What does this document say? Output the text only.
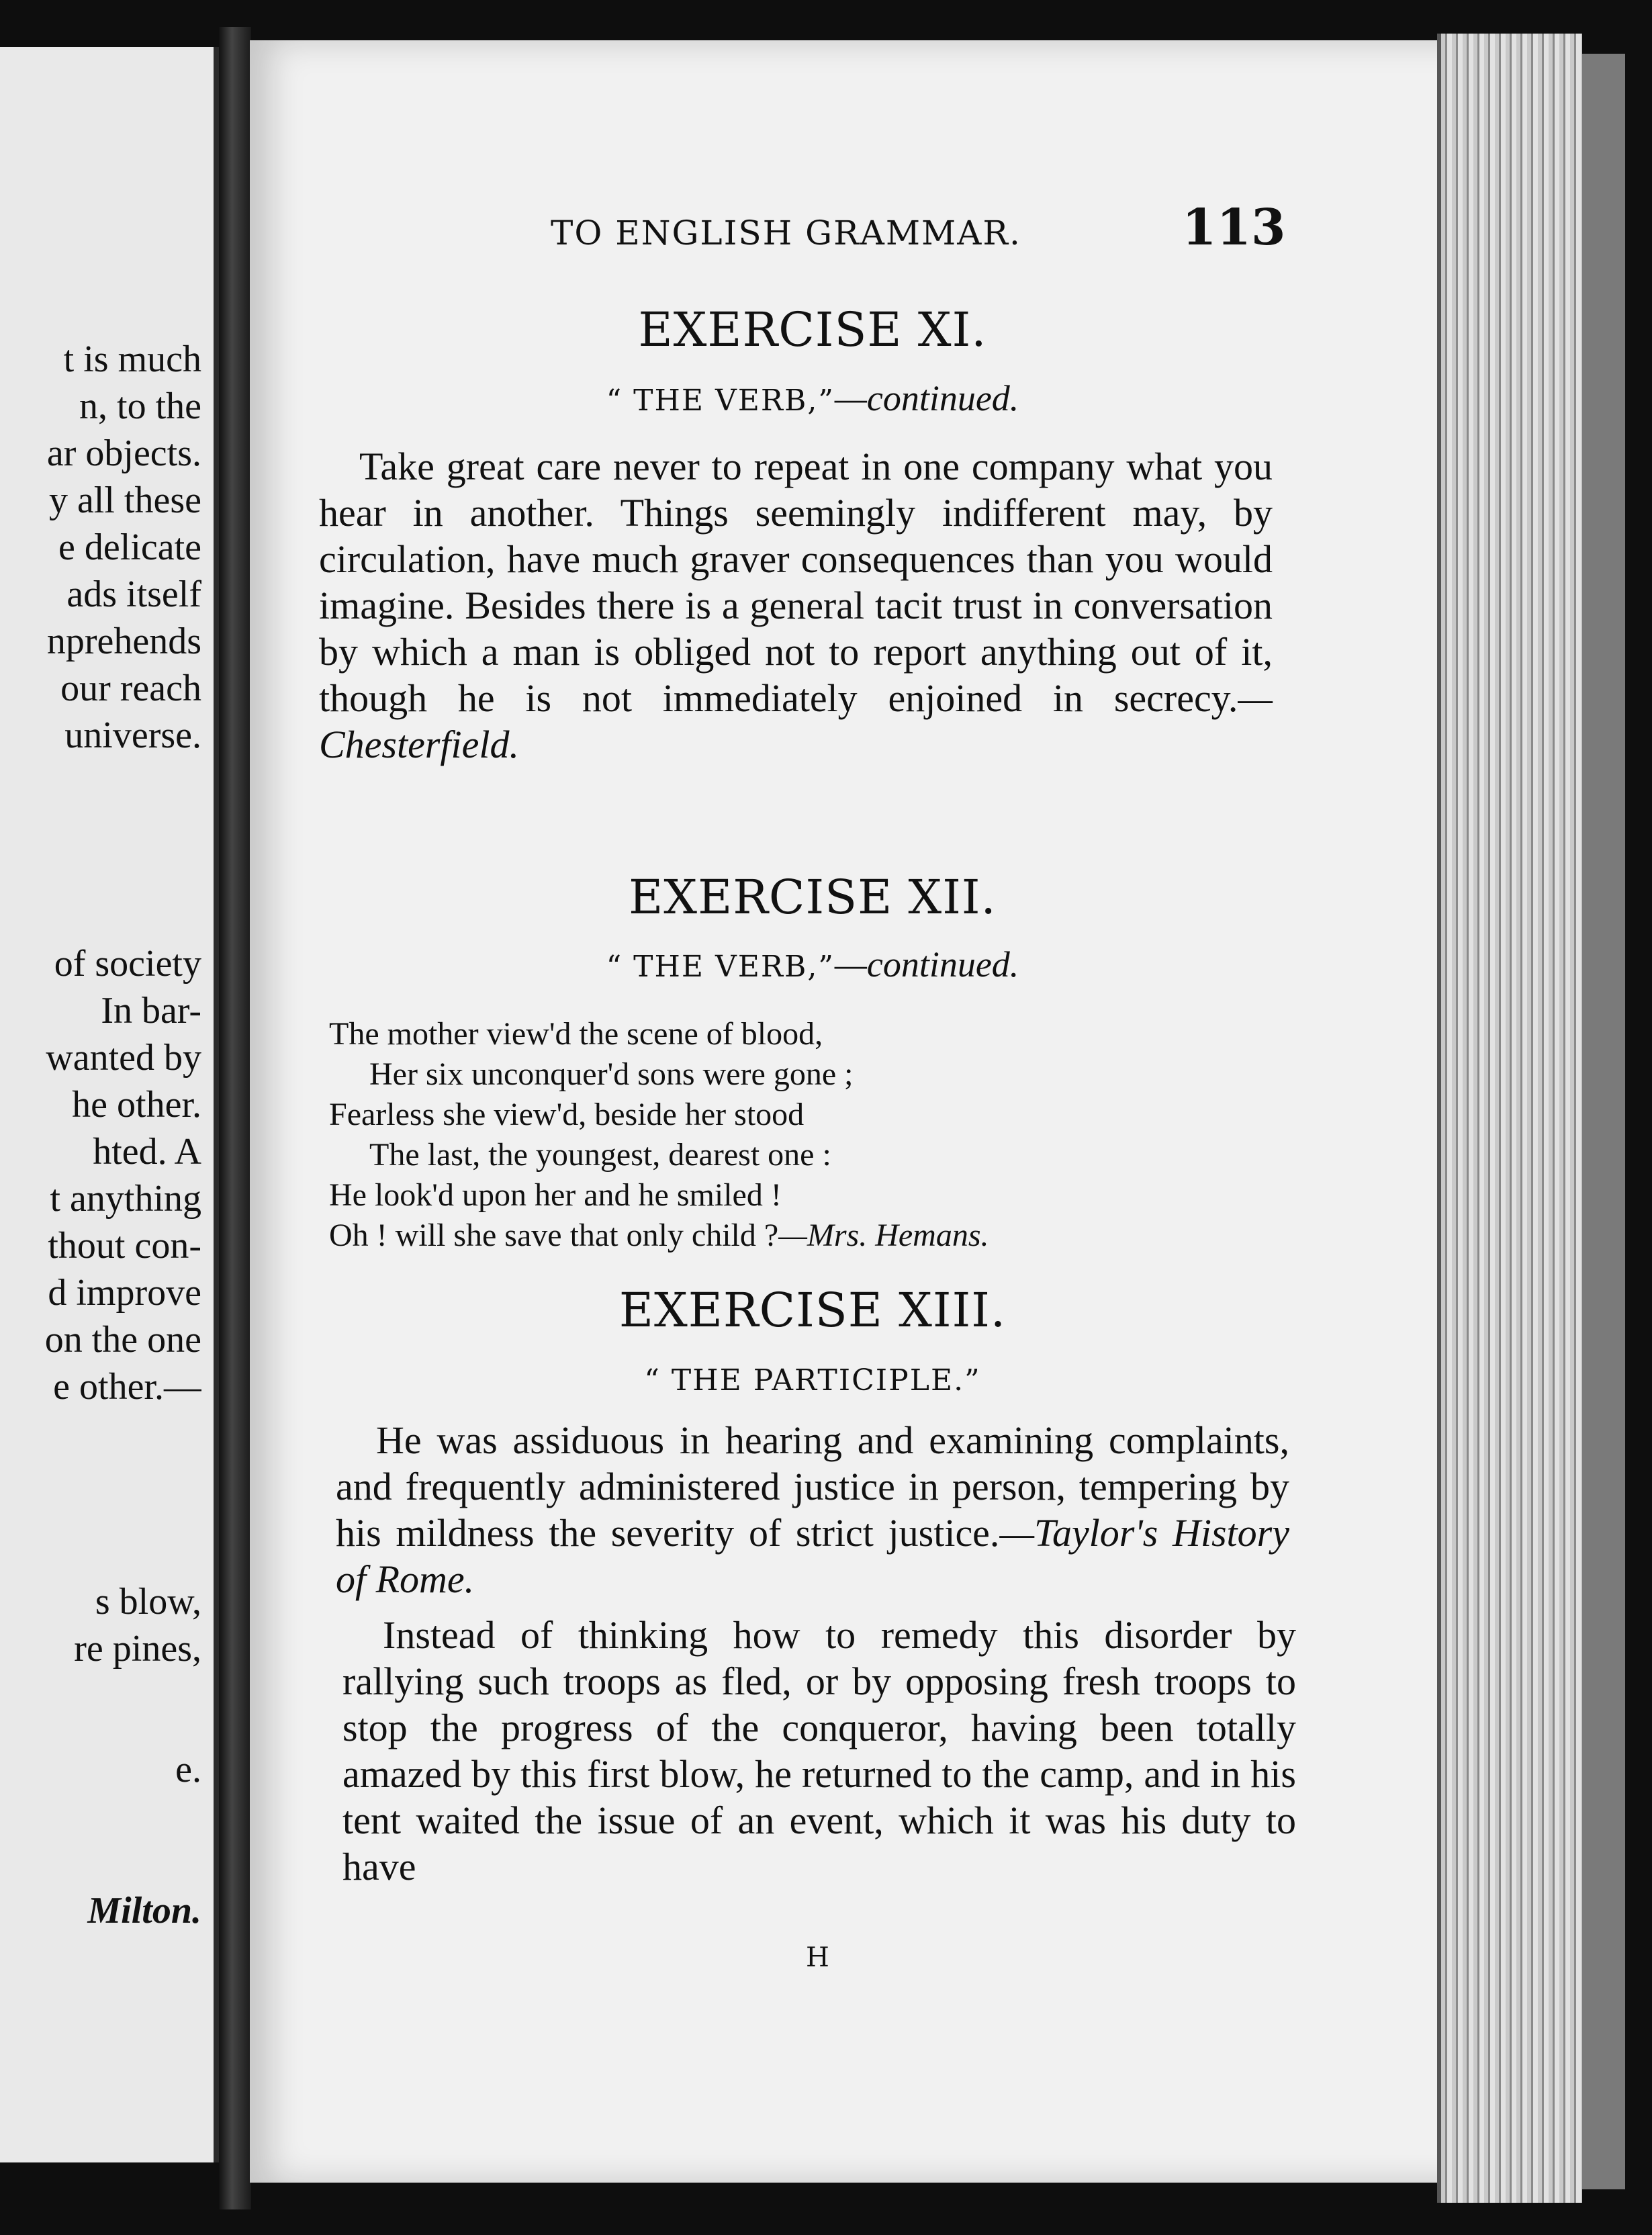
t is much
n, to the
ar objects.
y all these
e delicate
ads itself
nprehends
our reach
universe.
of society
In bar-
wanted by
he other.
hted. A
t anything
thout con-
d improve
on the one
e other.—
s blow,
re pines,
e.
Milton.
TO ENGLISH GRAMMAR.	113
EXERCISE XI.
“ THE VERB,”—continued.

Take great care never to repeat in one company what you hear in another. Things seemingly indifferent may, by circulation, have much graver consequences than you would imagine. Besides there is a general tacit trust in conversation by which a man is obliged not to report anything out of it, though he is not immediately enjoined in secrecy.—Chesterfield.

EXERCISE XII.
“ THE VERB,”—continued.
The mother view'd the scene of blood,
Her six unconquer'd sons were gone ;
Fearless she view'd, beside her stood
The last, the youngest, dearest one :
He look'd upon her and he smiled !
Oh ! will she save that only child ?—Mrs. Hemans.
EXERCISE XIII.
“ THE PARTICIPLE.”

He was assiduous in hearing and examining complaints, and frequently administered justice in person, tempering by his mildness the severity of strict justice.—Taylor's History of Rome.

Instead of thinking how to remedy this disorder by rallying such troops as fled, or by opposing fresh troops to stop the progress of the conqueror, having been totally amazed by this first blow, he returned to the camp, and in his tent waited the issue of an event, which it was his duty to have

H
